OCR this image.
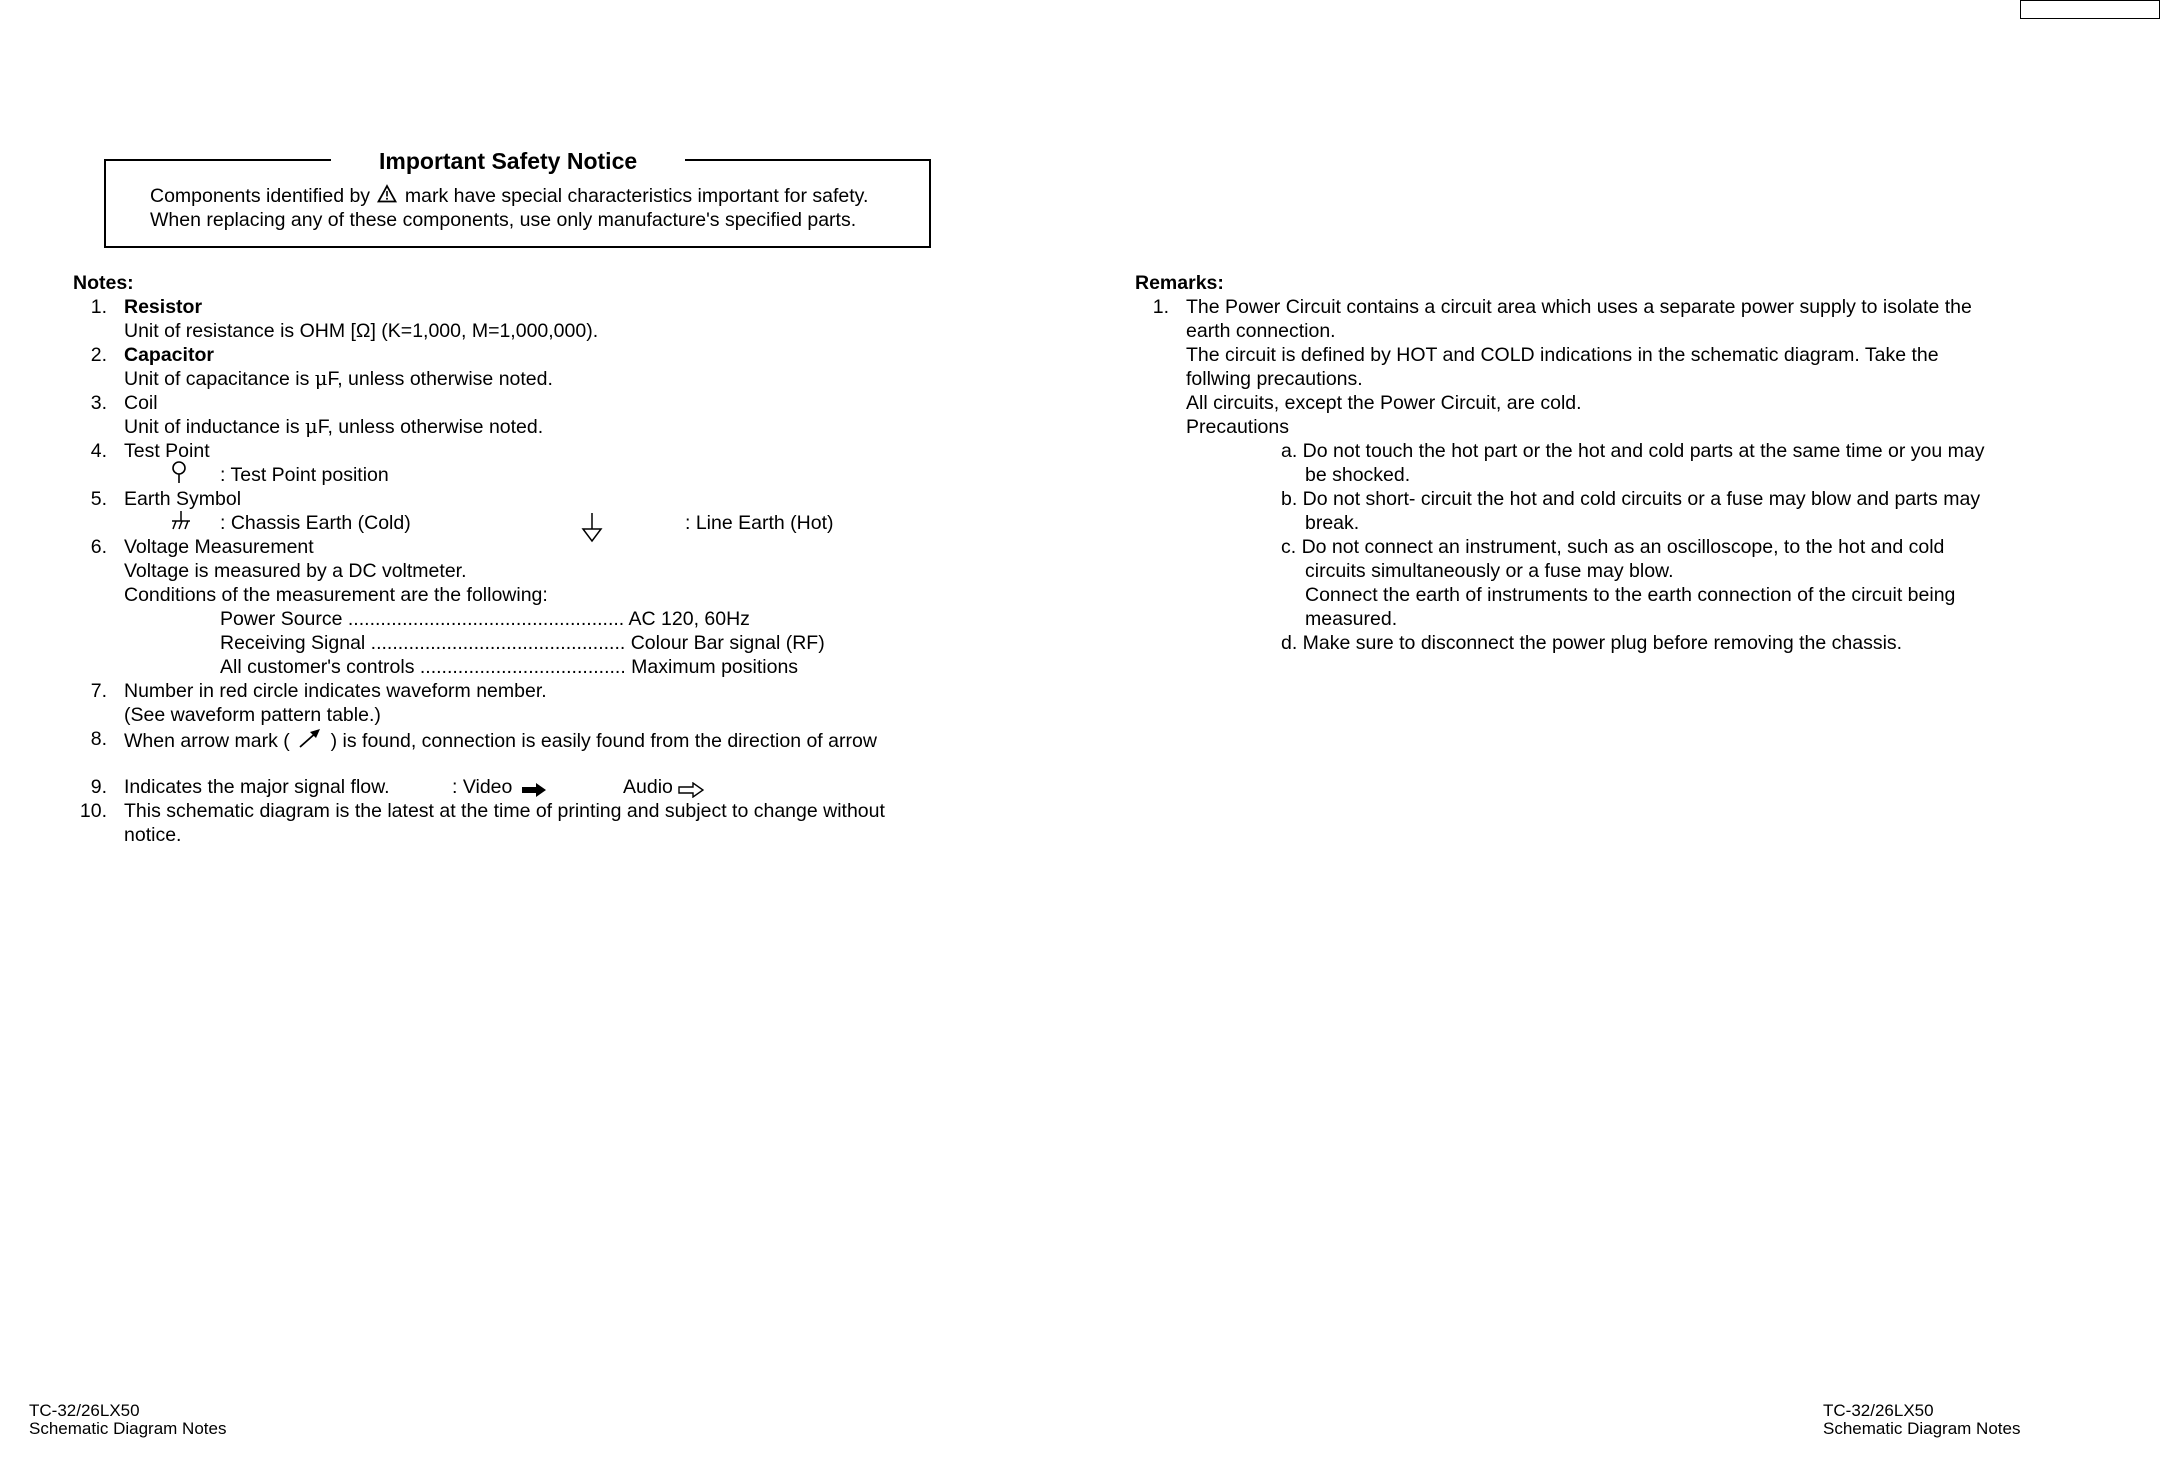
Important Safety Notice
Components identified by mark have special characteristics important for safety.
When replacing any of these components, use only manufacture's specified parts.
Notes:
1. Resistor
Unit of resistance is OHM [Ω] (K=1,000, M=1,000,000).
2. Capacitor
Unit of capacitance is μF, unless otherwise noted.
3. Coil
Unit of inductance is μF, unless otherwise noted.
4. Test Point
: Test Point position
5. Earth Symbol
: Chassis Earth (Cold)	: Line Earth (Hot)
6. Voltage Measurement
Voltage is measured by a DC voltmeter.
Conditions of the measurement are the following:
Power Source ................................................... AC 120, 60Hz
Receiving Signal ............................................... Colour Bar signal (RF)
All customer's controls ...................................... Maximum positions
7. Number in red circle indicates waveform nember.
(See waveform pattern table.)
8. When arrow mark ( ) is found, connection is easily found from the direction of arrow
9. Indicates the major signal flow.	: Video	Audio
10. This schematic diagram is the latest at the time of printing and subject to change without
notice.
Remarks:
1. The Power Circuit contains a circuit area which uses a separate power supply to isolate the
earth connection.
The circuit is defined by HOT and COLD indications in the schematic diagram. Take the
follwing precautions.
All circuits, except the Power Circuit, are cold.
Precautions
a. Do not touch the hot part or the hot and cold parts at the same time or you may
be shocked.
b. Do not short- circuit the hot and cold circuits or a fuse may blow and parts may
break.
c. Do not connect an instrument, such as an oscilloscope, to the hot and cold
circuits simultaneously or a fuse may blow.
Connect the earth of instruments to the earth connection of the circuit being
measured.
d. Make sure to disconnect the power plug before removing the chassis.
TC-32/26LX50
Schematic Diagram Notes
TC-32/26LX50
Schematic Diagram Notes
